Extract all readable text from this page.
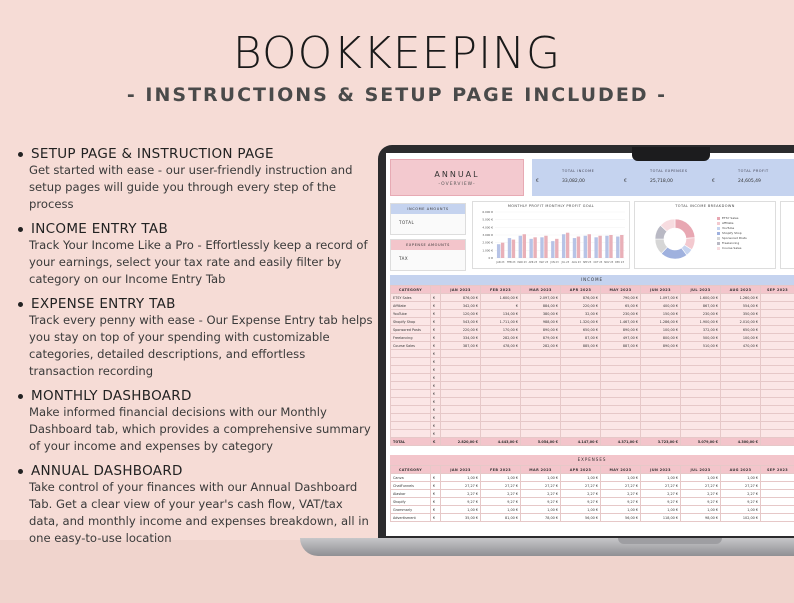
BOOKKEEPING
- INSTRUCTIONS & SETUP PAGE INCLUDED -
SETUP PAGE & INSTRUCTION PAGE
Get started with ease - our user-friendly instruction and setup pages will guide you through every step of the process
INCOME ENTRY TAB
Track Your Income Like a Pro - Effortlessly keep a record of your earnings, select your tax rate and easily filter by category on our Income Entry Tab
EXPENSE ENTRY TAB
Track every penny with ease - Our Expense Entry tab helps you stay on top of your spending with customizable categories, detailed descriptions, and effortless transaction recording
MONTHLY DASHBOARD
Make informed financial decisions with our Monthly Dashboard tab, which provides a comprehensive summary of your income and expenses by category
ANNUAL DASHBOARD
Take control of your finances with our Annual Dashboard Tab. Get a clear view of your year's cash flow, VAT/tax data, and monthly income and expenses breakdown, all in one easy-to-use location
ANNUAL
-OVERVIEW-
€
TOTAL INCOME
33,082,00	€
TOTAL EXPENSES
25,718,00	€
TOTAL PROFIT
24,605,49
INCOME AMOUNTS
TOTAL
EXPENSE AMOUNTS
TAX
MONTHLY PROFIT MONTHLY PROFIT GOAL
6.000 €
5.000 €
4.000 €
3.000 €
2.000 €
1.000 €
0 €
JAN 23 FEB 23 MAR 23 APR 23 MAY 23	JUN 23	JUL 23 AUG 23 SEP 23 OCT 23 NOV 23 DEC 23
TOTAL INCOME BREAKDOWN
ETSY Sales
Affiliate
YouTube
Shopify Shop
Sponsored Posts
Freelancing
Course Sales
INCOME
CATEGORY		JAN 2023	FEB 2023	MAR 2023	APR 2023	MAY 2023	JUN 2023	JUL 2023	AUG 2023	SEP 2023
ETSY Sales	€	876,00 €	1.600,00 €	2.097,00 €	876,00 €	790,00 €	1.097,00 €	1.600,00 €	1.260,00 €	
Affiliate	€	342,00 €	€	884,00 €	220,00 €	65,00 €	400,00 €	867,00 €	554,00 €	
YouTube	€	120,00 €	134,00 €	380,00 €	32,00 €	230,00 €	150,00 €	230,00 €	350,00 €	
Shopify Shop	€	543,00 €	1.711,00 €	988,00 €	1.320,00 €	1.467,00 €	1.286,00 €	1.900,00 €	2.010,00 €	
Sponsored Posts	€	220,00 €	170,00 €	890,00 €	650,00 €	890,00 €	100,00 €	372,00 €	650,00 €	
Freelancing	€	334,00 €	282,00 €	879,00 €	87,00 €	497,00 €	800,00 €	500,00 €	100,00 €	
Course Sales	€	387,00 €	478,00 €	282,00 €	885,00 €	887,00 €	890,00 €	510,00 €	470,00 €	
	€									
	€									
	€									
	€									
	€									
	€									
	€									
	€									
	€									
	€									
	€									
TOTAL	€	2.820,00 €	4.443,00 €	5.054,00 €	4.147,00 €	4.371,00 €	3.723,00 €	5.079,00 €	4.300,00 €	
EXPENSES
CATEGORY		JAN 2023	FEB 2023	MAR 2023	APR 2023	MAY 2023	JUN 2023	JUL 2023	AUG 2023	SEP 2023
Canva	€	1,00 €	1,00 €	1,00 €	1,00 €	1,00 €	1,00 €	1,00 €	1,00 €	
ChatFunnels	€	27,27 €	27,27 €	27,27 €	27,27 €	27,27 €	27,27 €	27,27 €	27,27 €	
Alaskar	€	2,27 €	2,27 €	2,27 €	2,27 €	2,27 €	2,27 €	2,27 €	2,27 €	
Shopify	€	9,27 €	9,27 €	9,27 €	9,27 €	9,27 €	9,27 €	9,27 €	9,27 €	
Grammarly	€	1,00 €	1,00 €	1,00 €	1,00 €	1,00 €	1,00 €	1,00 €	1,00 €	
Advertisment	€	35,00 €	81,00 €	78,00 €	56,00 €	56,00 €	118,00 €	98,00 €	102,00 €	
